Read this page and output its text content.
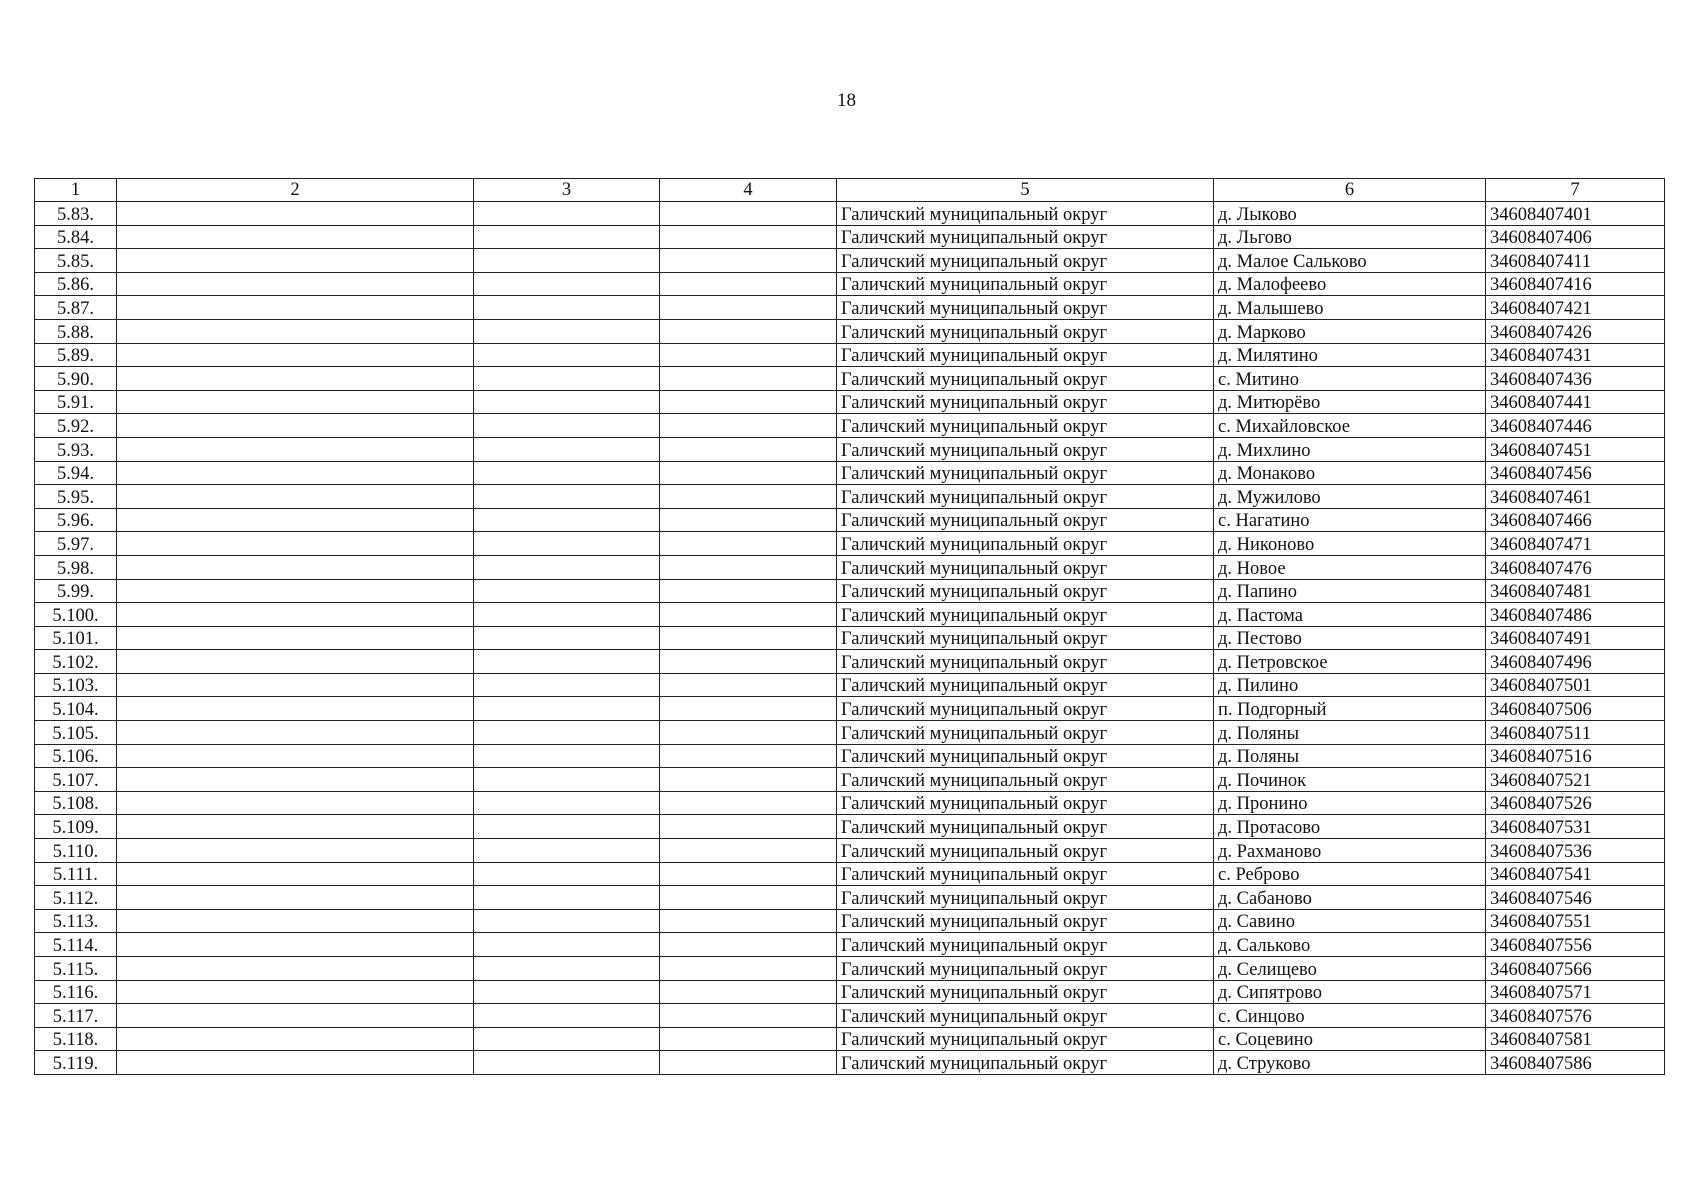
18
1	2	3	4	5	6	7
5.83.				Галичский муниципальный округ	д. Лыково	34608407401
5.84.				Галичский муниципальный округ	д. Льгово	34608407406
5.85.				Галичский муниципальный округ	д. Малое Сальково	34608407411
5.86.				Галичский муниципальный округ	д. Малофеево	34608407416
5.87.				Галичский муниципальный округ	д. Малышево	34608407421
5.88.				Галичский муниципальный округ	д. Марково	34608407426
5.89.				Галичский муниципальный округ	д. Милятино	34608407431
5.90.				Галичский муниципальный округ	с. Митино	34608407436
5.91.				Галичский муниципальный округ	д. Митюрёво	34608407441
5.92.				Галичский муниципальный округ	с. Михайловское	34608407446
5.93.				Галичский муниципальный округ	д. Михлино	34608407451
5.94.				Галичский муниципальный округ	д. Монаково	34608407456
5.95.				Галичский муниципальный округ	д. Мужилово	34608407461
5.96.				Галичский муниципальный округ	с. Нагатино	34608407466
5.97.				Галичский муниципальный округ	д. Никоново	34608407471
5.98.				Галичский муниципальный округ	д. Новое	34608407476
5.99.				Галичский муниципальный округ	д. Папино	34608407481
5.100.				Галичский муниципальный округ	д. Пастома	34608407486
5.101.				Галичский муниципальный округ	д. Пестово	34608407491
5.102.				Галичский муниципальный округ	д. Петровское	34608407496
5.103.				Галичский муниципальный округ	д. Пилино	34608407501
5.104.				Галичский муниципальный округ	п. Подгорный	34608407506
5.105.				Галичский муниципальный округ	д. Поляны	34608407511
5.106.				Галичский муниципальный округ	д. Поляны	34608407516
5.107.				Галичский муниципальный округ	д. Починок	34608407521
5.108.				Галичский муниципальный округ	д. Пронино	34608407526
5.109.				Галичский муниципальный округ	д. Протасово	34608407531
5.110.				Галичский муниципальный округ	д. Рахманово	34608407536
5.111.				Галичский муниципальный округ	с. Реброво	34608407541
5.112.				Галичский муниципальный округ	д. Сабаново	34608407546
5.113.				Галичский муниципальный округ	д. Савино	34608407551
5.114.				Галичский муниципальный округ	д. Сальково	34608407556
5.115.				Галичский муниципальный округ	д. Селищево	34608407566
5.116.				Галичский муниципальный округ	д. Сипятрово	34608407571
5.117.				Галичский муниципальный округ	с. Синцово	34608407576
5.118.				Галичский муниципальный округ	с. Соцевино	34608407581
5.119.				Галичский муниципальный округ	д. Струково	34608407586
